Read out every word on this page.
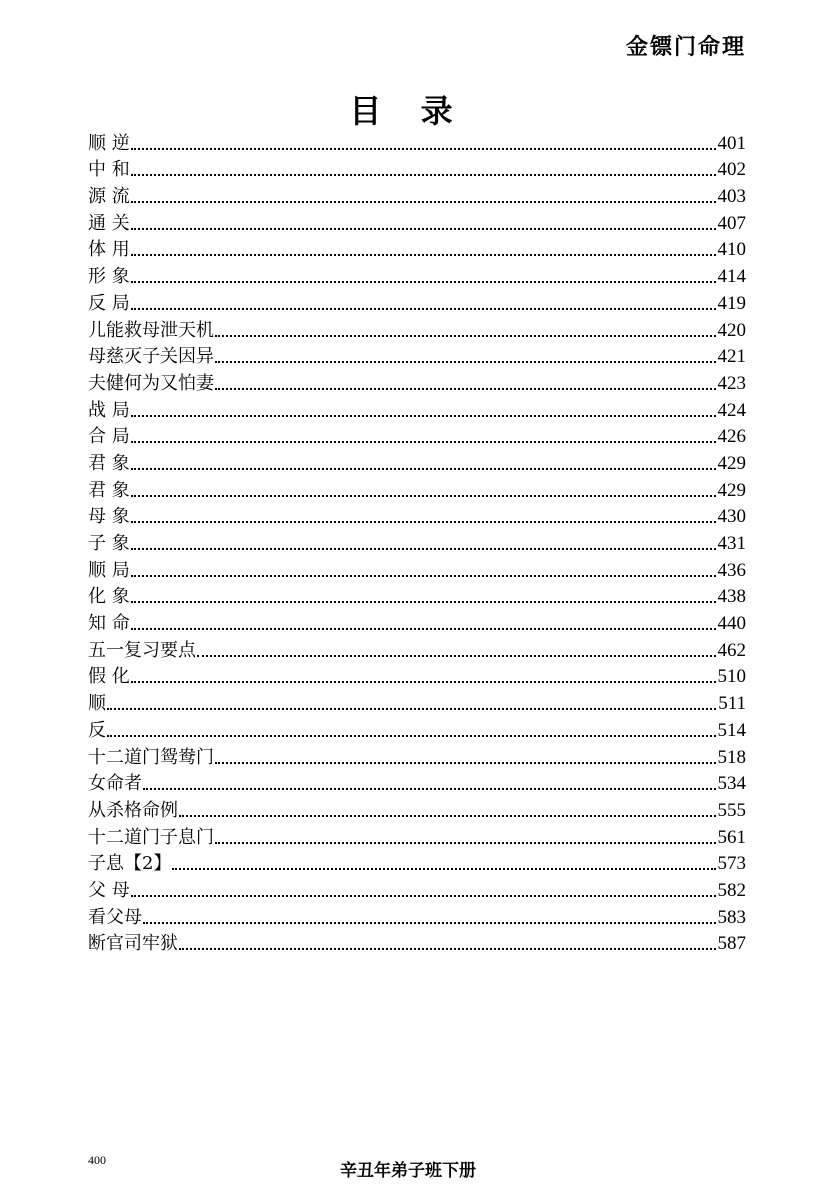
金镖门命理
目 录
顺 逆	401
中 和	402
源 流	403
通 关	407
体 用	410
形 象	414
反 局	419
儿能救母泄天机	420
母慈灭子关因异	421
夫健何为又怕妻	423
战 局	424
合 局	426
君 象	429
君 象	429
母 象	430
子 象	431
顺 局	436
化 象	438
知 命	440
五一复习要点	462
假 化	510
顺	511
反	514
十二道门鸳鸯门	518
女命者	534
从杀格命例	555
十二道门子息门	561
子息【2】	573
父 母	582
看父母	583
断官司牢狱	587
400
辛丑年弟子班下册
